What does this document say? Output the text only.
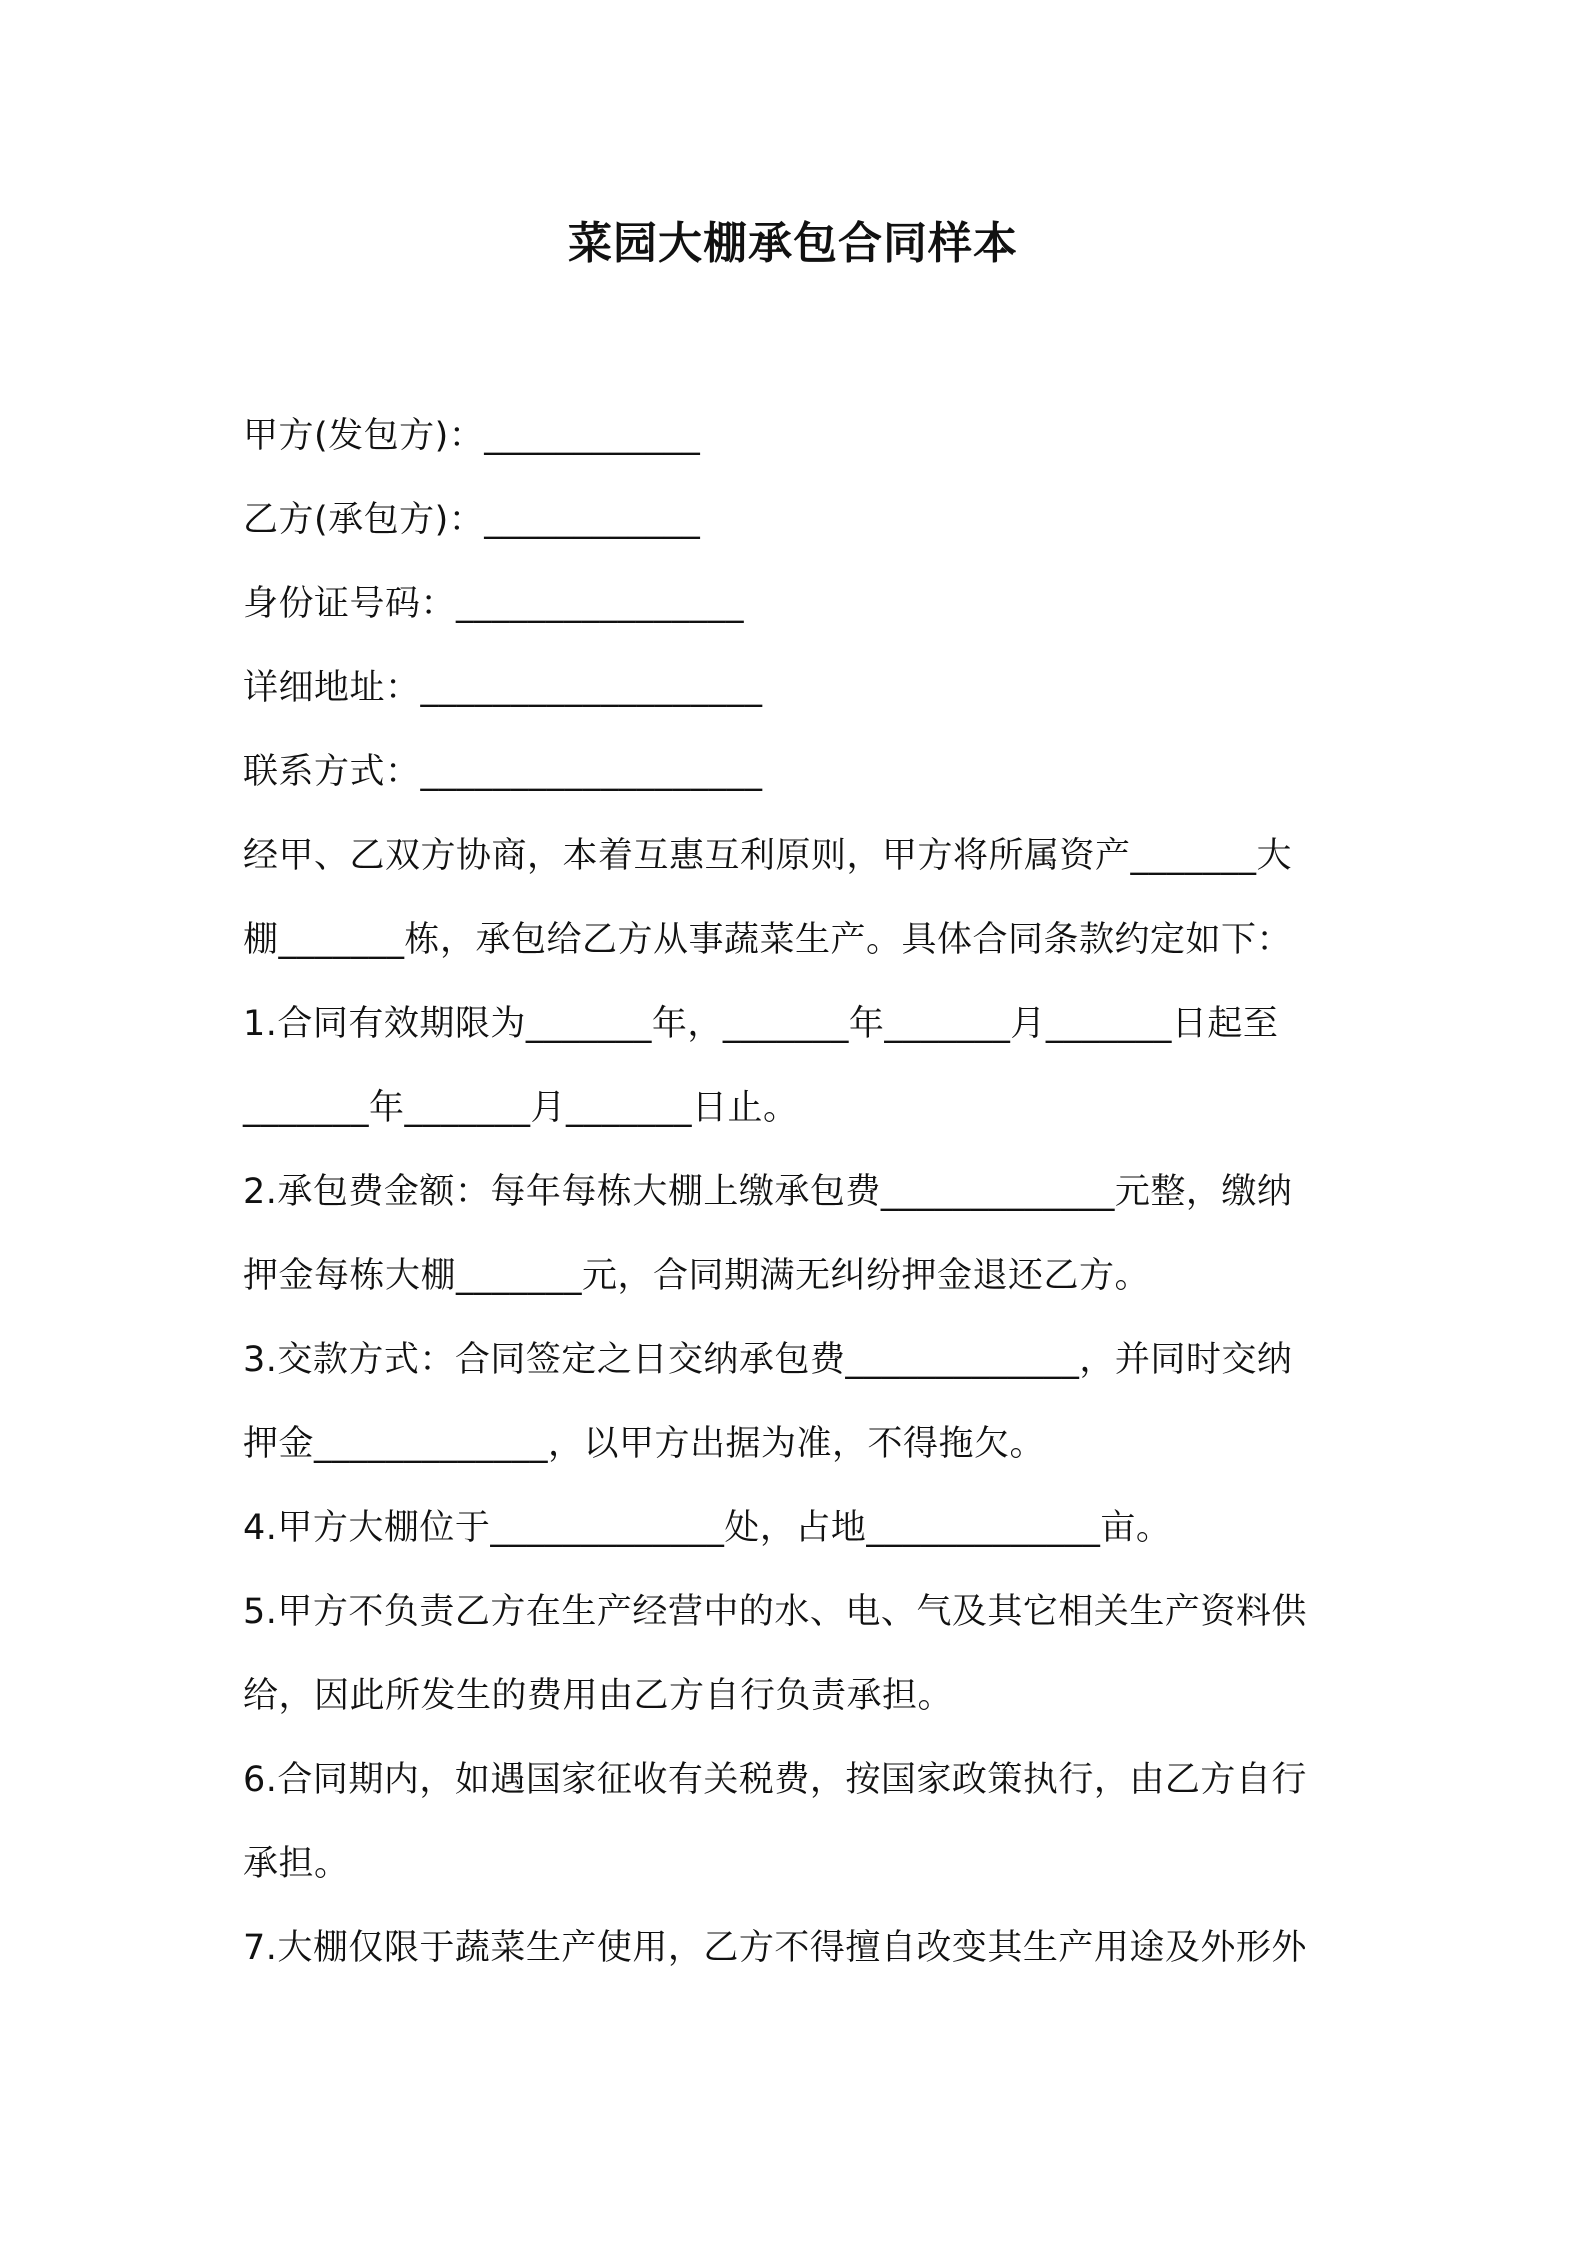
菜园大棚承包合同样本
甲方(发包方)：____________
乙方(承包方)：____________
身份证号码：________________
详细地址：___________________
联系方式：___________________
经甲、乙双方协商，本着互惠互利原则，甲方将所属资产_______大
棚_______栋，承包给乙方从事蔬菜生产。具体合同条款约定如下：
1.合同有效期限为_______年，_______年_______月_______日起至
_______年_______月_______日止。
2.承包费金额：每年每栋大棚上缴承包费_____________元整，缴纳
押金每栋大棚_______元，合同期满无纠纷押金退还乙方。
3.交款方式：合同签定之日交纳承包费_____________，并同时交纳
押金_____________，以甲方出据为准，不得拖欠。
4.甲方大棚位于_____________处，占地_____________亩。
5.甲方不负责乙方在生产经营中的水、电、气及其它相关生产资料供
给，因此所发生的费用由乙方自行负责承担。
6.合同期内，如遇国家征收有关税费，按国家政策执行，由乙方自行
承担。
7.大棚仅限于蔬菜生产使用，乙方不得擅自改变其生产用途及外形外
